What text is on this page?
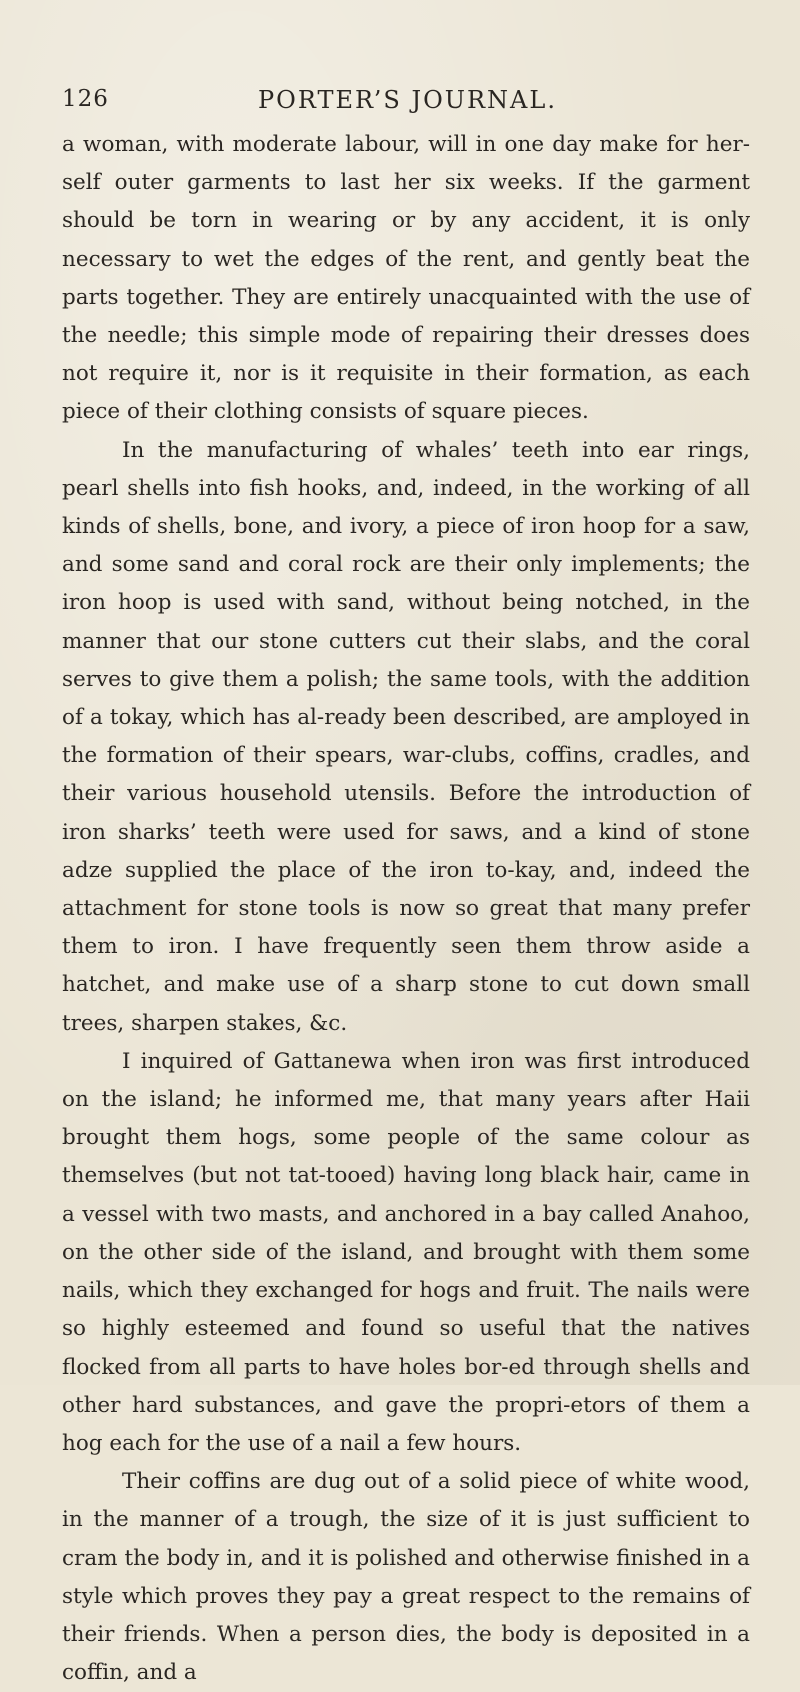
126	PORTER’S JOURNAL.

a woman, with moderate labour, will in one day make for her-self outer garments to last her six weeks. If the garment should be torn in wearing or by any accident, it is only necessary to wet the edges of the rent, and gently beat the parts together. They are entirely unacquainted with the use of the needle; this simple mode of repairing their dresses does not require it, nor is it requisite in their formation, as each piece of their clothing consists of square pieces.

In the manufacturing of whales’ teeth into ear rings, pearl shells into fish hooks, and, indeed, in the working of all kinds of shells, bone, and ivory, a piece of iron hoop for a saw, and some sand and coral rock are their only implements; the iron hoop is used with sand, without being notched, in the manner that our stone cutters cut their slabs, and the coral serves to give them a polish; the same tools, with the addition of a tokay, which has al-ready been described, are amployed in the formation of their spears, war-clubs, coffins, cradles, and their various household utensils. Before the introduction of iron sharks’ teeth were used for saws, and a kind of stone adze supplied the place of the iron to-kay, and, indeed the attachment for stone tools is now so great that many prefer them to iron. I have frequently seen them throw aside a hatchet, and make use of a sharp stone to cut down small trees, sharpen stakes, &c.

I inquired of Gattanewa when iron was first introduced on the island; he informed me, that many years after Haii brought them hogs, some people of the same colour as themselves (but not tat-tooed) having long black hair, came in a vessel with two masts, and anchored in a bay called Anahoo, on the other side of the island, and brought with them some nails, which they exchanged for hogs and fruit. The nails were so highly esteemed and found so useful that the natives flocked from all parts to have holes bor-ed through shells and other hard substances, and gave the propri-etors of them a hog each for the use of a nail a few hours.

Their coffins are dug out of a solid piece of white wood, in the manner of a trough, the size of it is just sufficient to cram the body in, and it is polished and otherwise finished in a style which proves they pay a great respect to the remains of their friends. When a person dies, the body is deposited in a coffin, and a
